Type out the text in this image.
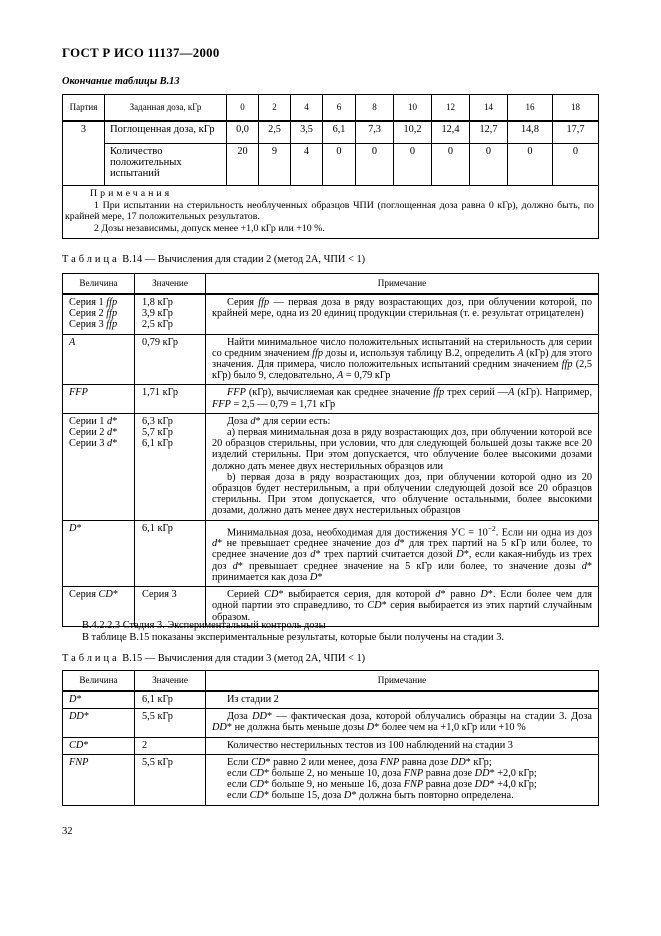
ГОСТ Р ИСО 11137—2000
Окончание таблицы В.13
Партия	Заданная доза, кГр	0	2	4	6	8	10	12	14	16	18
3	Поглощенная доза, кГр	0,0	2,5	3,5	6,1	7,3	10,2	12,4	12,7	14,8	17,7
	Количество положительных испытаний	20	9	4	0	0	0	0	0	0	0

Примечания

1 При испытании на стерильность необлученных образцов ЧПИ (поглощенная доза равна 0 кГр), должно быть, по крайней мере, 17 положительных результатов.

2 Дозы независимы, допуск менее +1,0 кГр или +10 %.											

Таблица В.14 — Вычисления для стадии 2 (метод 2А, ЧПИ < 1)
Величина	Значение	Примечание
Серия 1 ffp
Серия 2 ffp
Серия 3 ffp	1,8 кГр
3,9 кГр
2,5 кГр	Серия ffp — первая доза в ряду возрастающих доз, при облучении которой, по крайней мере, одна из 20 единиц продукции стерильная (т. е. результат отрицателен)

А	0,79 кГр	Найти минимальное число положительных испытаний на стерильность для серии со средним значением ffp дозы и, используя таблицу В.2, определить А (кГр) для этого значения. Для примера, число положительных испытаний средним значением ffp (2,5 кГр) было 9, следовательно, А = 0,79 кГр

FFP	1,71 кГр	FFP (кГр), вычисляемая как среднее значение ffp трех серий —А (кГр). Например, FFP = 2,5 — 0,79 = 1,71 кГр

Серии 1 d*
Серии 2 d*
Серии 3 d*	6,3 кГр
5,7 кГр
6,1 кГр	

Доза d* для серии есть:

a) первая минимальная доза в ряду возрастающих доз, при облучении которой все 20 образцов стерильны, при условии, что для следующей большей дозы также все 20 изделий стерильны. При этом допускается, что облучение более высокими дозами должно дать менее двух нестерильных образцов или

b) первая доза в ряду возрастающих доз, при облучении которой одно из 20 образцов будет нестерильным, а при облучении следующей дозой все 20 образцов стерильны. При этом допускается, что облучение остальными, более высокими дозами, должно дать менее двух нестерильных образцов

D*	6,1 кГр	Минимальная доза, необходимая для достижения УС = $10^{-2}$. Если ни одна из доз d* не превышает среднее значение доз d* для трех партий на 5 кГр или более, то среднее значение доз d* трех партий считается дозой D*, если какая-нибудь из трех доз d* превышает среднее значение на 5 кГр или более, то значение дозы d* принимается как доза D*

Серия CD*	Серия 3	Серией CD* выбирается серия, для которой d* равно D*. Если более чем для одной партии это справедливо, то CD* серия выбирается из этих партий случайным образом.

В.4.2.2.3 Стадия 3. Экспериментальный контроль дозы

В таблице В.15 показаны экспериментальные результаты, которые были получены на стадии 3.

Таблица В.15 — Вычисления для стадии 3 (метод 2А, ЧПИ < 1)
Величина	Значение	Примечание
D*	6,1 кГр	Из стадии 2

DD*	5,5 кГр	Доза DD* — фактическая доза, которой облучались образцы на стадии 3. Доза DD* не должна быть меньше дозы D* более чем на +1,0 кГр или +10 %

CD*	2	Количество нестерильных тестов из 100 наблюдений на стадии 3

FNP	5,5 кГр	Если CD* равно 2 или менее, доза FNP равна дозе DD* кГр;

если CD* больше 2, но меньше 10, доза FNP равна дозе DD* +2,0 кГр;

если CD* больше 9, но меньше 16, доза FNP равна дозе DD* +4,0 кГр;

если CD* больше 15, доза D* должна быть повторно определена.

32
